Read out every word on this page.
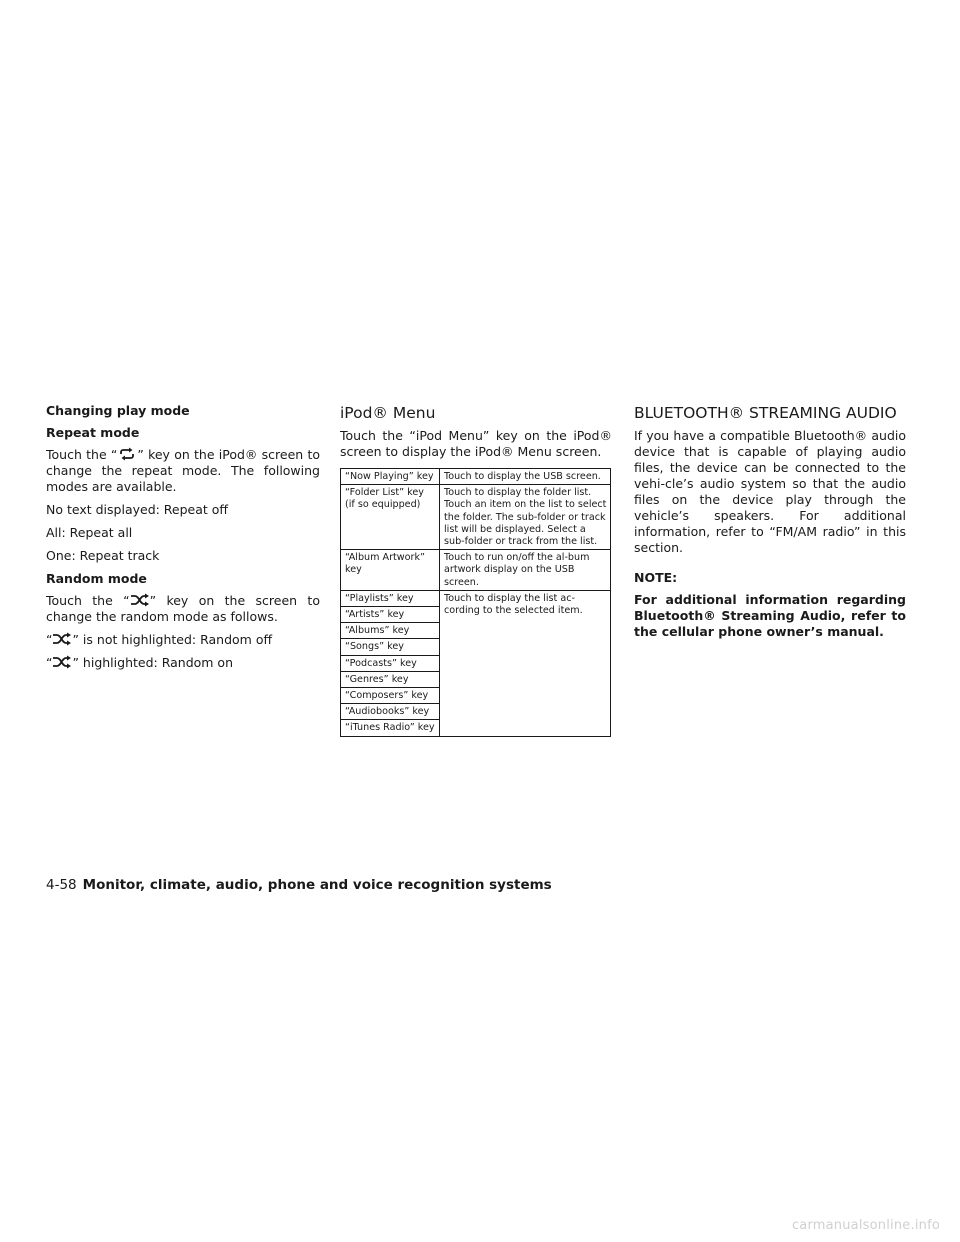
Changing play mode
Repeat mode

Touch the “ ” key on the iPod® screen to change the repeat mode. The following modes are available.

No text displayed: Repeat off

All: Repeat all

One: Repeat track

Random mode

Touch the “ ” key on the screen to change the random mode as follows.

“ ” is not highlighted: Random off

“ ” highlighted: Random on

iPod® Menu

Touch the “iPod Menu” key on the iPod® screen to display the iPod® Menu screen.

“Now Playing” key	Touch to display the USB screen.
“Folder List” key (if so equipped)	Touch to display the folder list. Touch an item on the list to select the folder. The sub-folder or track list will be displayed. Select a sub-folder or track from the list.
“Album Artwork” key	Touch to run on/off the al-bum artwork display on the USB screen.
“Playlists” key	Touch to display the list ac-cording to the selected item.
“Artists” key	
“Albums” key	
“Songs” key	
“Podcasts” key	
“Genres” key	
“Composers” key	
“Audiobooks” key	
“iTunes Radio” key	
BLUETOOTH® STREAMING AUDIO

If you have a compatible Bluetooth® audio device that is capable of playing audio files, the device can be connected to the vehi-cle’s audio system so that the audio files on the device play through the vehicle’s speakers. For additional information, refer to “FM/AM radio” in this section.

NOTE:

For additional information regarding Bluetooth® Streaming Audio, refer to the cellular phone owner’s manual.

4-58 Monitor, climate, audio, phone and voice recognition systems
carmanualsonline.info
